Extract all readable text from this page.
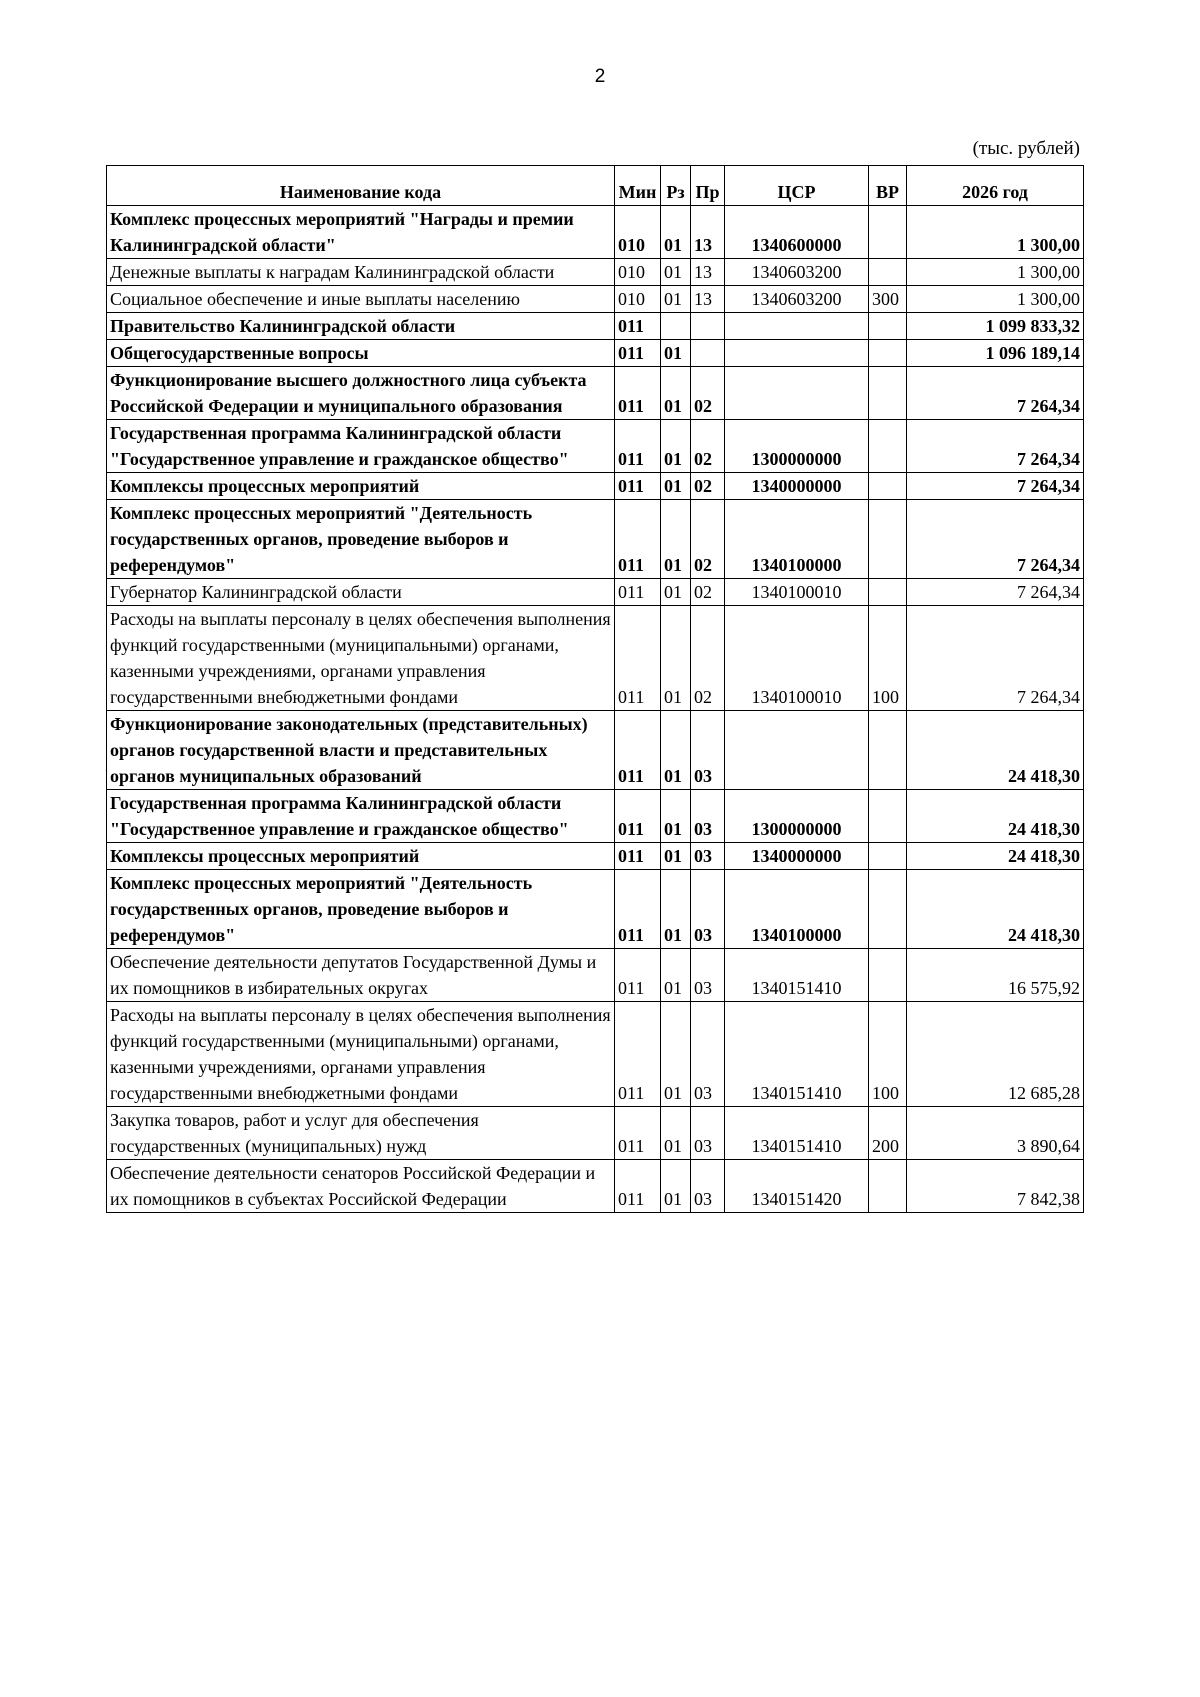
2
(тыс. рублей)
Наименование кода	Мин	Рз	Пр	ЦСР	ВР	2026 год
Комплекс процессных мероприятий "Награды и премии Калининградской области"	010	01	13	1340600000		1 300,00
Денежные выплаты к наградам Калининградской области	010	01	13	1340603200		1 300,00
Социальное обеспечение и иные выплаты населению	010	01	13	1340603200	300	1 300,00
Правительство Калининградской области	011					1 099 833,32
Общегосударственные вопросы	011	01				1 096 189,14
Функционирование высшего должностного лица субъекта Российской Федерации и муниципального образования	011	01	02			7 264,34
Государственная программа Калининградской области "Государственное управление и гражданское общество"	011	01	02	1300000000		7 264,34
Комплексы процессных мероприятий	011	01	02	1340000000		7 264,34
Комплекс процессных мероприятий "Деятельность государственных органов, проведение выборов и референдумов"	011	01	02	1340100000		7 264,34
Губернатор Калининградской области	011	01	02	1340100010		7 264,34
Расходы на выплаты персоналу в целях обеспечения выполнения функций государственными (муниципальными) органами, казенными учреждениями, органами управления государственными внебюджетными фондами	011	01	02	1340100010	100	7 264,34
Функционирование законодательных (представительных) органов государственной власти и представительных органов муниципальных образований	011	01	03			24 418,30
Государственная программа Калининградской области "Государственное управление и гражданское общество"	011	01	03	1300000000		24 418,30
Комплексы процессных мероприятий	011	01	03	1340000000		24 418,30
Комплекс процессных мероприятий "Деятельность государственных органов, проведение выборов и референдумов"	011	01	03	1340100000		24 418,30
Обеспечение деятельности депутатов Государственной Думы и их помощников в избирательных округах	011	01	03	1340151410		16 575,92
Расходы на выплаты персоналу в целях обеспечения выполнения функций государственными (муниципальными) органами, казенными учреждениями, органами управления государственными внебюджетными фондами	011	01	03	1340151410	100	12 685,28
Закупка товаров, работ и услуг для обеспечения государственных (муниципальных) нужд	011	01	03	1340151410	200	3 890,64
Обеспечение деятельности сенаторов Российской Федерации и их помощников в субъектах Российской Федерации	011	01	03	1340151420		7 842,38
